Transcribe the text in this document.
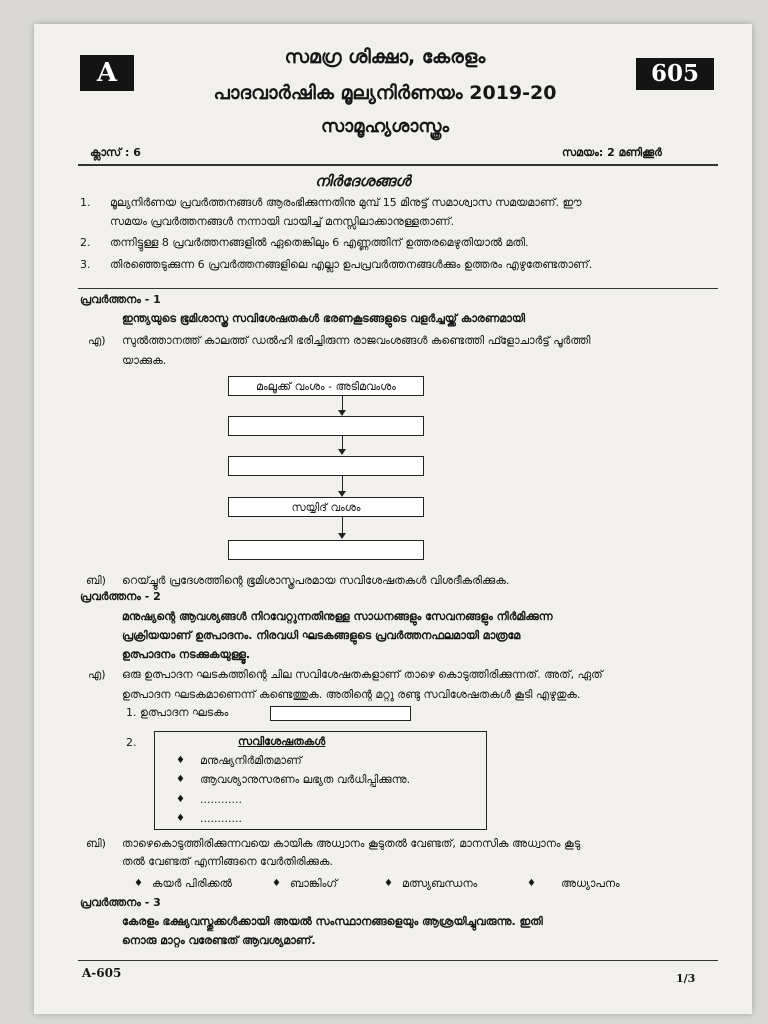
A	605
സമഗ്ര ശിക്ഷാ, കേരളം
പാദവാർഷിക മൂല്യനിർണയം 2019-20
സാമൂഹ്യശാസ്ത്രം
ക്ലാസ് : 6	സമയം: 2 മണിക്കൂർ
നിർദേശങ്ങൾ
1. മൂല്യനിർണയ പ്രവർത്തനങ്ങൾ ആരംഭിക്കുന്നതിനു മുമ്പ് 15 മിനുട്ട് സമാശ്വാസ സമയമാണ്. ഈ
സമയം പ്രവർത്തനങ്ങൾ നന്നായി വായിച്ച് മനസ്സിലാക്കാനുള്ളതാണ്.
2. തന്നിട്ടുള്ള 8 പ്രവർത്തനങ്ങളിൽ ഏതെങ്കിലും 6 എണ്ണത്തിന് ഉത്തരമെഴുതിയാൽ മതി.
3. തിരഞ്ഞെടുക്കുന്ന 6 പ്രവർത്തനങ്ങളിലെ എല്ലാ ഉപപ്രവർത്തനങ്ങൾക്കും ഉത്തരം എഴുതേണ്ടതാണ്.
പ്രവർത്തനം - 1
ഇന്ത്യയുടെ ഭൂമിശാസ്ത്ര സവിശേഷതകൾ ഭരണകൂടങ്ങളുടെ വളർച്ചയ്ക്ക് കാരണമായി
എ) സുൽത്താനത്ത് കാലത്ത് ഡൽഹി ഭരിച്ചിരുന്ന രാജവംശങ്ങൾ കണ്ടെത്തി ഫ്ളോചാർട്ട് പൂർത്തി
യാക്കുക.
മംലൂക്ക് വംശം - അടിമവംശം
സയ്യിദ് വംശം
ബി) റെയ്ച്ചൂർ പ്രദേശത്തിന്റെ ഭൂമിശാസ്ത്രപരമായ സവിശേഷതകൾ വിശദീകരിക്കുക.
പ്രവർത്തനം - 2
മനുഷ്യന്റെ ആവശ്യങ്ങൾ നിറവേറ്റുന്നതിനുള്ള സാധനങ്ങളും സേവനങ്ങളും നിർമിക്കുന്ന
പ്രക്രിയയാണ് ഉത്പാദനം. നിരവധി ഘടകങ്ങളുടെ പ്രവർത്തനഫലമായി മാത്രമേ
ഉത്പാദനം നടക്കുകയുള്ളൂ.
എ) ഒരു ഉത്പാദന ഘടകത്തിന്റെ ചില സവിശേഷതകളാണ് താഴെ കൊടുത്തിരിക്കുന്നത്. അത്, ഏത്
ഉത്പാദന ഘടകമാണെന്ന് കണ്ടെത്തുക. അതിന്റെ മറ്റു രണ്ടു സവിശേഷതകൾ കൂടി എഴുതുക.
1. ഉത്പാദന ഘടകം
2.	സവിശേഷതകൾ
♦ മനുഷ്യനിർമിതമാണ്
♦ ആവശ്യാനുസരണം ലഭ്യത വർധിപ്പിക്കുന്നു.
♦ ............
♦ ............
ബി) താഴെകൊടുത്തിരിക്കുന്നവയെ കായിക അധ്വാനം കൂടുതൽ വേണ്ടത്, മാനസിക അധ്വാനം കൂടു
തൽ വേണ്ടത് എന്നിങ്ങനെ വേർതിരിക്കുക.
♦ കയർ പിരിക്കൽ	♦ ബാങ്കിംഗ്	♦ മത്സ്യബന്ധനം	♦ അധ്യാപനം
പ്രവർത്തനം - 3
കേരളം ഭക്ഷ്യവസ്തുക്കൾക്കായി അയൽ സംസ്ഥാനങ്ങളെയും ആശ്രയിച്ചുവരുന്നു. ഇതി
നൊരു മാറ്റം വരേണ്ടത് ആവശ്യമാണ്.
A-605	1/3
